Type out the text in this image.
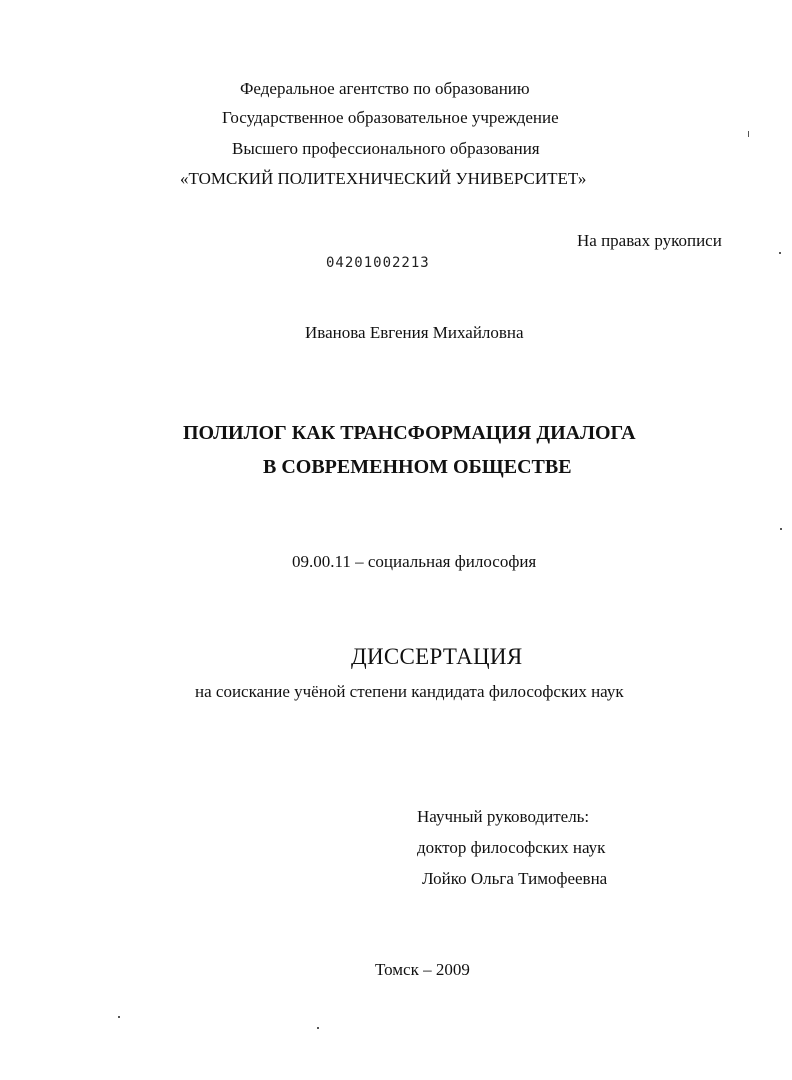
Федеральное агентство по образованию
Государственное образовательное учреждение
Высшего профессионального образования
«ТОМСКИЙ ПОЛИТЕХНИЧЕСКИЙ УНИВЕРСИТЕТ»
На правах рукописи
04201002213
Иванова Евгения Михайловна
ПОЛИЛОГ КАК ТРАНСФОРМАЦИЯ ДИАЛОГА
В СОВРЕМЕННОМ ОБЩЕСТВЕ
09.00.11 – социальная философия
ДИССЕРТАЦИЯ
на соискание учёной степени кандидата философских наук
Научный руководитель:
доктор философских наук
Лойко Ольга Тимофеевна
Томск – 2009
